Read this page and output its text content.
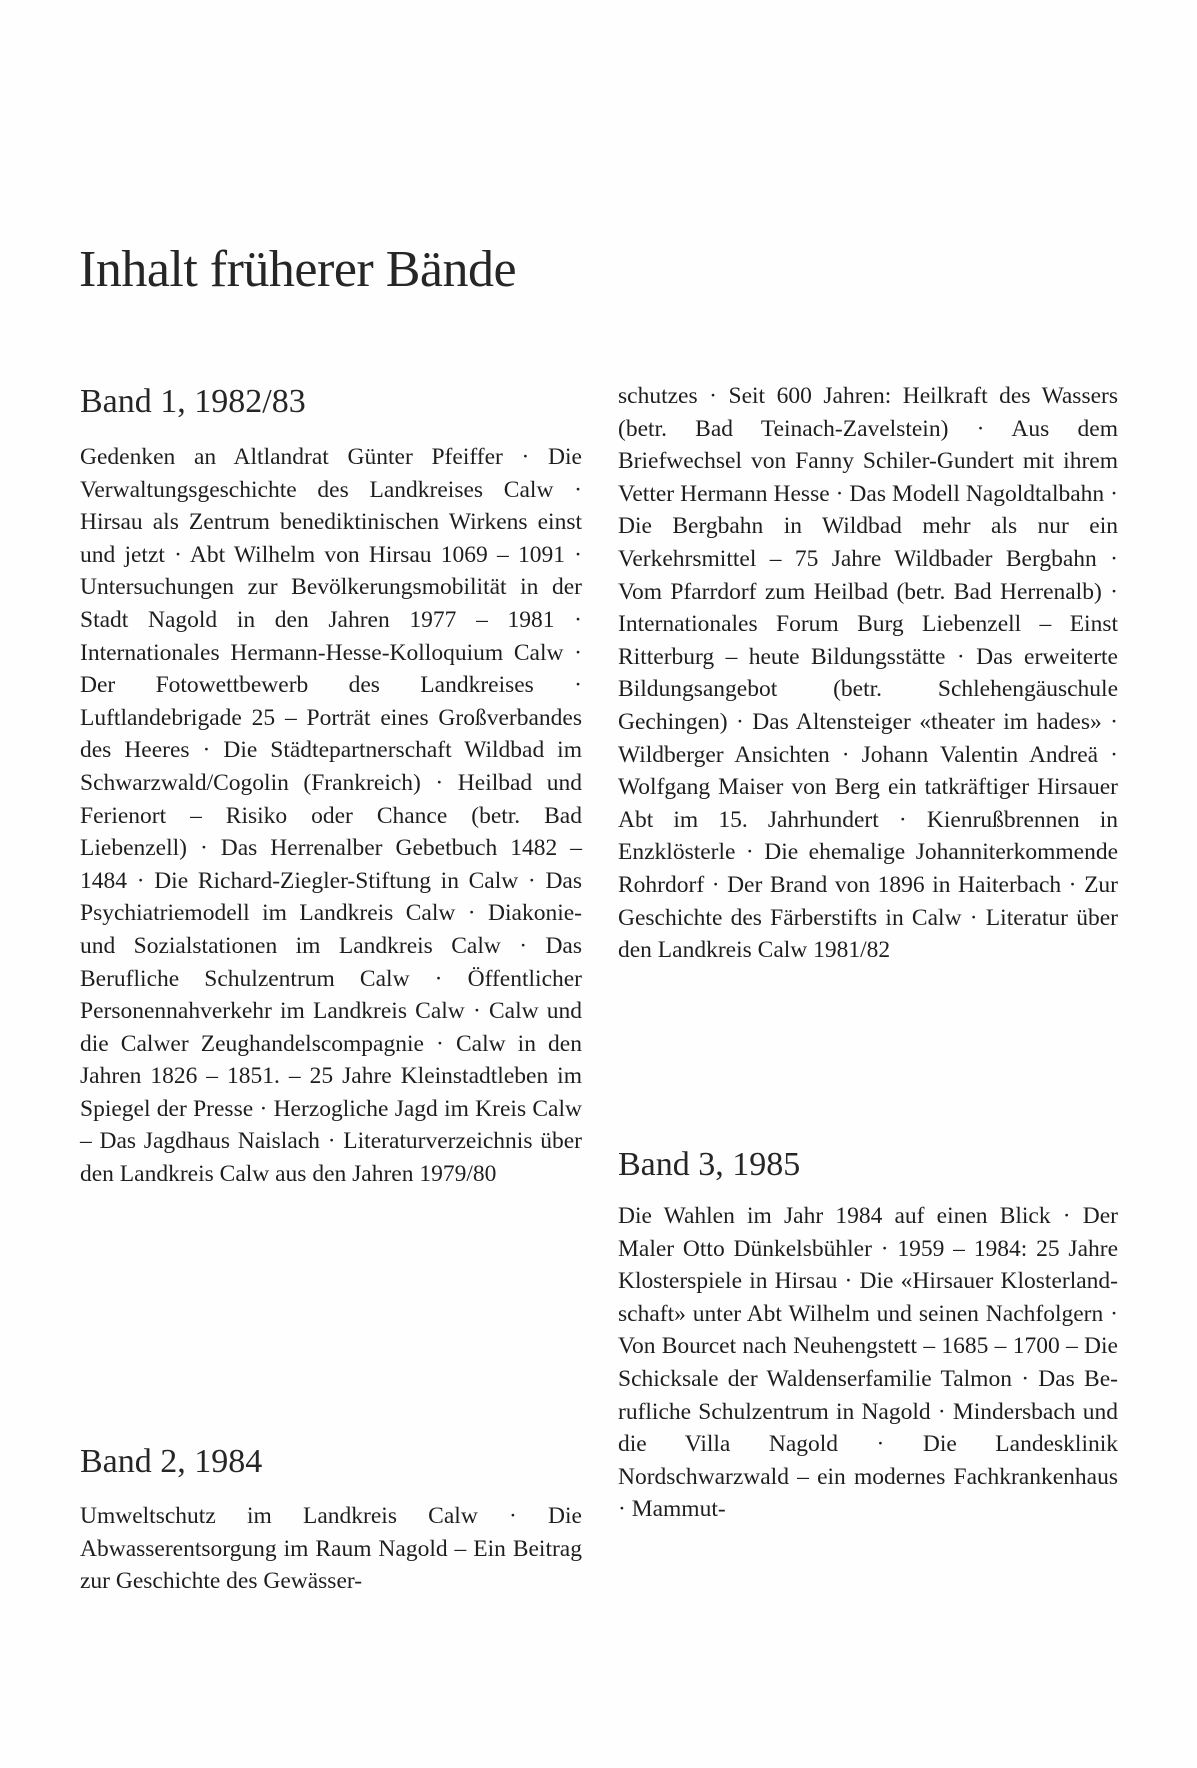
Inhalt früherer Bände
Band 1, 1982/83

Gedenken an Altlandrat Günter Pfeiffer · Die Verwaltungsgeschichte des Landkreises Calw · Hirsau als Zentrum benediktinischen Wirkens einst und jetzt · Abt Wilhelm von Hirsau 1069 – 1091 · Untersuchungen zur Bevölkerungsmobilität in der Stadt Nagold in den Jahren 1977 – 1981 · Internationales Hermann-Hesse-Kolloquium Calw · Der Fotowettbewerb des Landkreises · Luftlandebrigade 25 – Porträt eines Großverbandes des Heeres · Die Städtepartnerschaft Wildbad im Schwarzwald/Cogolin (Frankreich) · Heilbad und Ferienort – Risiko oder Chance (betr. Bad Liebenzell) · Das Herrenalber Gebetbuch 1482 – 1484 · Die Richard-Ziegler-Stiftung in Calw · Das Psychiatriemodell im Landkreis Calw · Diakonie- und Sozialstationen im Landkreis Calw · Das Berufliche Schulzentrum Calw · Öffentlicher Personennahverkehr im Landkreis Calw · Calw und die Calwer Zeughandelscompagnie · Calw in den Jahren 1826 – 1851. – 25 Jahre Kleinstadtleben im Spiegel der Presse · Herzogliche Jagd im Kreis Calw – Das Jagdhaus Naislach · Literaturverzeichnis über den Landkreis Calw aus den Jahren 1979/80

Band 2, 1984

Umweltschutz im Landkreis Calw · Die Abwasserentsorgung im Raum Nagold – Ein Beitrag zur Geschichte des Gewässer-

schutzes · Seit 600 Jahren: Heilkraft des Wassers (betr. Bad Teinach-Zavelstein) · Aus dem Briefwechsel von Fanny Schiler-Gundert mit ihrem Vetter Hermann Hesse · Das Modell Nagoldtalbahn · Die Bergbahn in Wildbad mehr als nur ein Verkehrsmittel – 75 Jahre Wildbader Bergbahn · Vom Pfarrdorf zum Heilbad (betr. Bad Herrenalb) · Internationales Forum Burg Liebenzell – Einst Ritterburg – heute Bildungsstätte · Das erweiterte Bildungsangebot (betr. Schlehengäuschule Gechingen) · Das Altensteiger «theater im hades» · Wildberger Ansichten · Johann Valentin Andreä · Wolfgang Maiser von Berg ein tatkräftiger Hirsauer Abt im 15. Jahrhundert · Kienrußbrennen in Enzklösterle · Die ehemalige Johanniterkommende Rohrdorf · Der Brand von 1896 in Haiterbach · Zur Geschichte des Färberstifts in Calw · Literatur über den Landkreis Calw 1981/82

Band 3, 1985

Die Wahlen im Jahr 1984 auf einen Blick · Der Maler Otto Dünkelsbühler · 1959 – 1984: 25 Jahre Klosterspiele in Hirsau · Die «Hirsauer Klosterlandschaft» unter Abt Wilhelm und seinen Nachfolgern · Von Bourcet nach Neuhengstett – 1685 – 1700 – Die Schicksale der Waldenserfamilie Talmon · Das Berufliche Schulzentrum in Nagold · Mindersbach und die Villa Nagold · Die Landesklinik Nordschwarzwald – ein modernes Fachkrankenhaus · Mammut-
